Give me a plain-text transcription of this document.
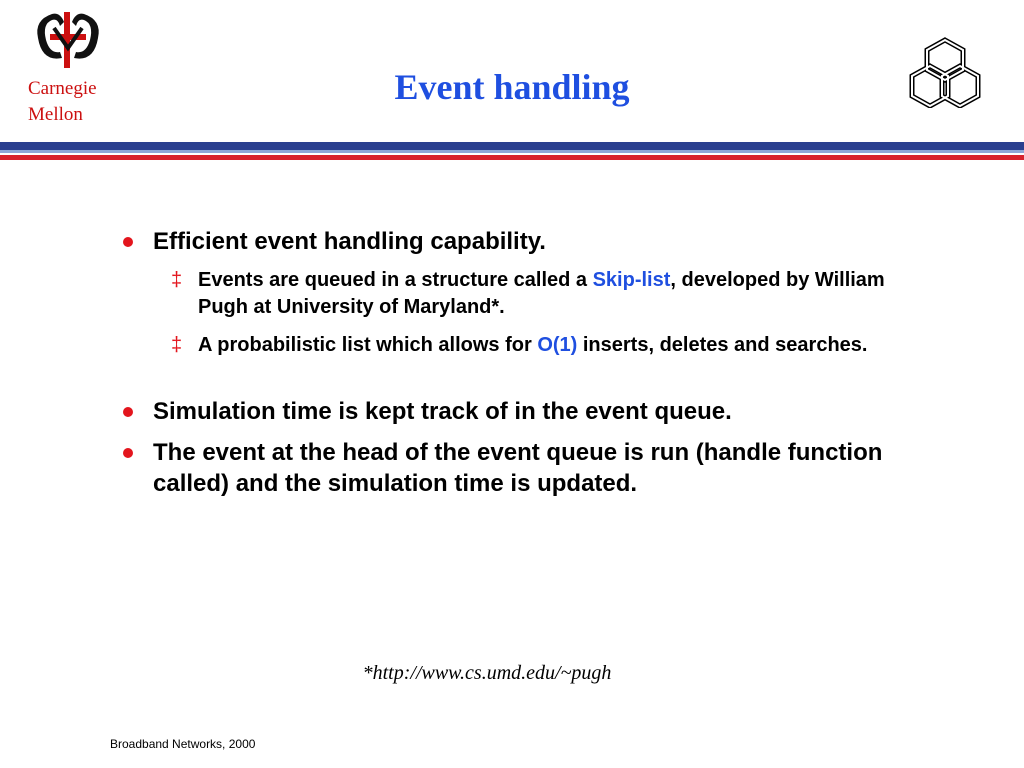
Carnegie
Mellon
Event handling
Efficient event handling capability.
‡ Events are queued in a structure called a Skip-list, developed by William Pugh at University of Maryland*.
‡ A probabilistic list which allows for O(1) inserts, deletes and searches.
Simulation time is kept track of in the event queue.
The event at the head of the event queue is run (handle function called) and the simulation time is updated.
*http://www.cs.umd.edu/~pugh
Broadband Networks, 2000
